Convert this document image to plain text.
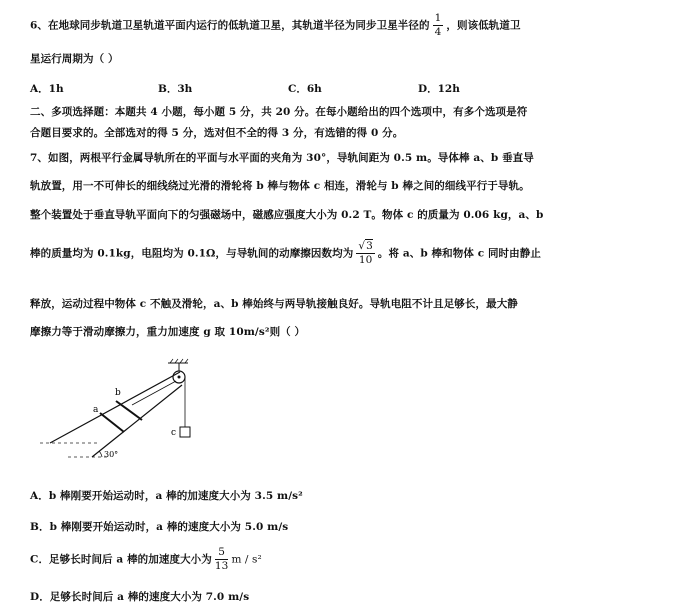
6、在地球同步轨道卫星轨道平面内运行的低轨道卫星，其轨道半径为同步卫星半径的 $\frac{1}{4}$ ，则该低轨道卫
星运行周期为（ ）
A．1h	B．3h	C．6h	D．12h
二、多项选择题：本题共 4 小题，每小题 5 分，共 20 分。在每小题给出的四个选项中，有多个选项是符
合题目要求的。全部选对的得 5 分，选对但不全的得 3 分，有选错的得 0 分。
7、如图，两根平行金属导轨所在的平面与水平面的夹角为 30°，导轨间距为 0.5 m。导体棒 a、b 垂直导
轨放置，用一不可伸长的细线绕过光滑的滑轮将 b 棒与物体 c 相连，滑轮与 b 棒之间的细线平行于导轨。
整个装置处于垂直导轨平面向下的匀强磁场中，磁感应强度大小为 0.2 T。物体 c 的质量为 0.06 kg，a、b
棒的质量均为 0.1kg，电阻均为 0.1Ω，与导轨间的动摩擦因数均为 $\frac{√3}{10}$ 。将 a、b 棒和物体 c 同时由静止
释放，运动过程中物体 c 不触及滑轮，a、b 棒始终与两导轨接触良好。导轨电阻不计且足够长，最大静
摩擦力等于滑动摩擦力，重力加速度 g 取 10m/s²则（ ）
30°
a
b
c
A．b 棒刚要开始运动时，a 棒的加速度大小为 3.5 m/s²
B．b 棒刚要开始运动时，a 棒的速度大小为 5.0 m/s
C．足够长时间后 a 棒的加速度大小为 $\frac{5}{13}$ m / s²
D．足够长时间后 a 棒的速度大小为 7.0 m/s
